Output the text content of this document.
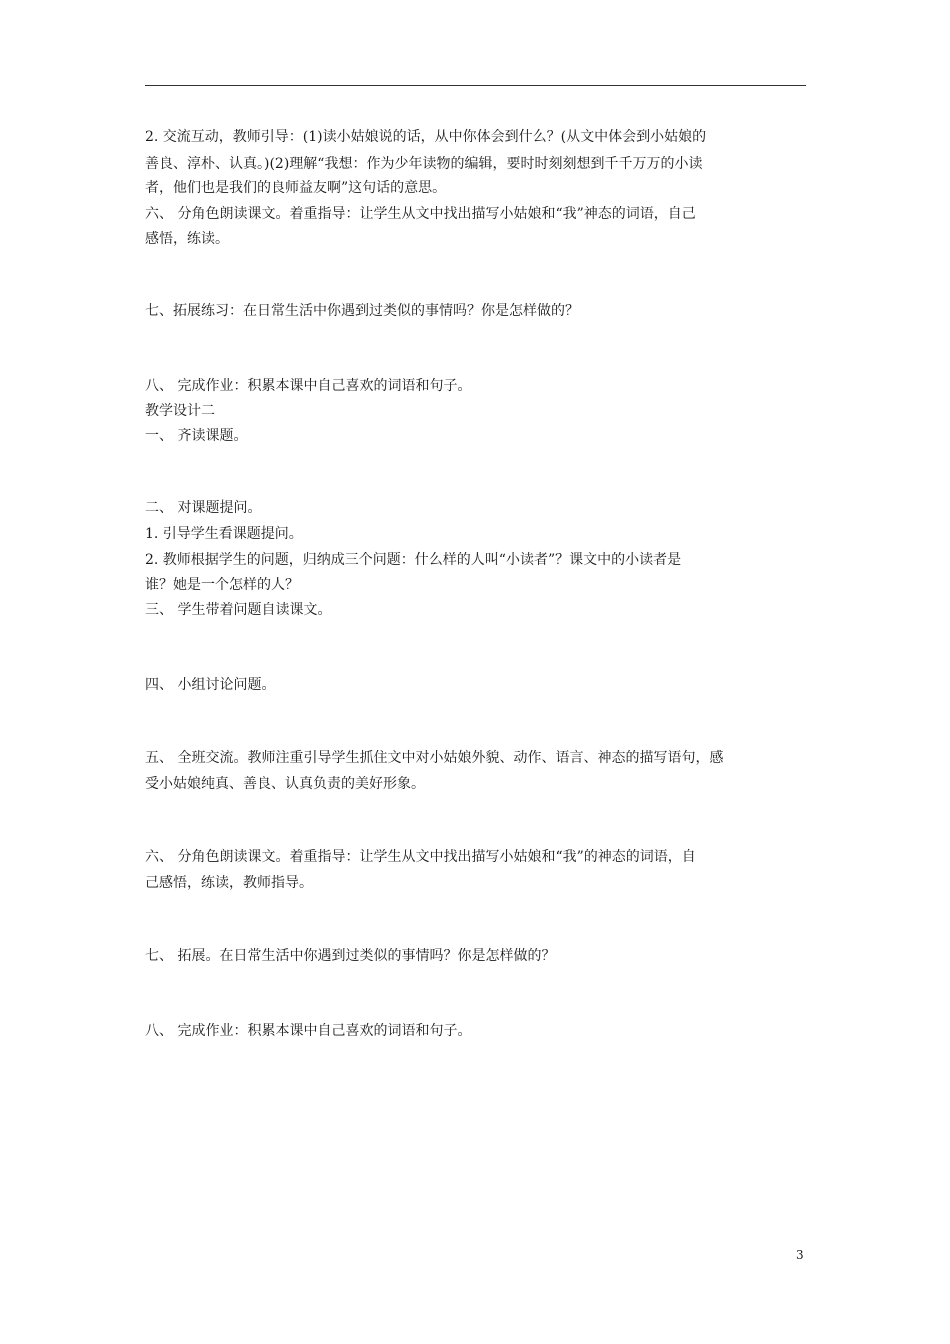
2. 交流互动，教师引导：(1)读小姑娘说的话，从中你体会到什么？(从文中体会到小姑娘的
善良、淳朴、认真。)(2)理解“我想：作为少年读物的编辑，要时时刻刻想到千千万万的小读
者，他们也是我们的良师益友啊”这句话的意思。
六、 分角色朗读课文。着重指导：让学生从文中找出描写小姑娘和“我”神态的词语，自己
感悟，练读。
七、拓展练习：在日常生活中你遇到过类似的事情吗？你是怎样做的？
八、 完成作业：积累本课中自己喜欢的词语和句子。
教学设计二
一、 齐读课题。
二、 对课题提问。
1. 引导学生看课题提问。
2. 教师根据学生的问题，归纳成三个问题：什么样的人叫“小读者”？课文中的小读者是
谁？她是一个怎样的人？
三、 学生带着问题自读课文。
四、 小组讨论问题。
五、 全班交流。教师注重引导学生抓住文中对小姑娘外貌、动作、语言、神态的描写语句，感
受小姑娘纯真、善良、认真负责的美好形象。
六、 分角色朗读课文。着重指导：让学生从文中找出描写小姑娘和“我”的神态的词语，自
己感悟，练读，教师指导。
七、 拓展。在日常生活中你遇到过类似的事情吗？你是怎样做的？
八、 完成作业：积累本课中自己喜欢的词语和句子。
3
